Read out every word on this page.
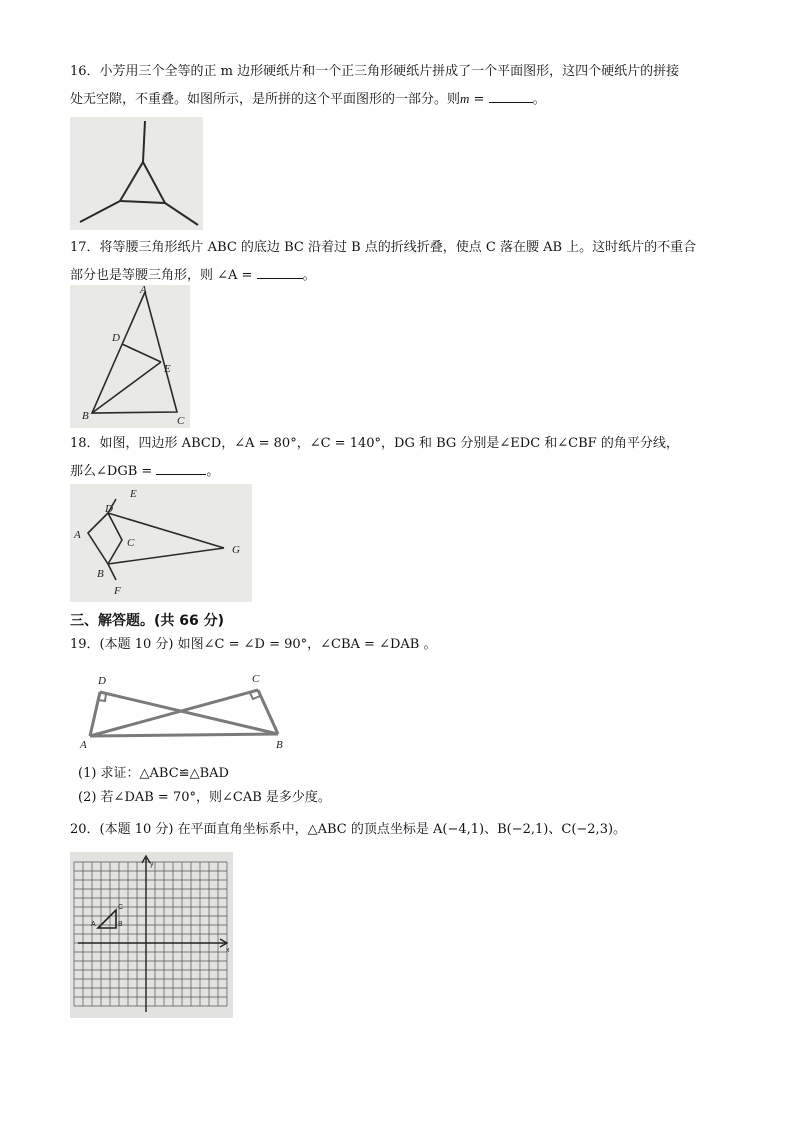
16．小芳用三个全等的正 m 边形硬纸片和一个正三角形硬纸片拼成了一个平面图形，这四个硬纸片的拼接
处无空隙，不重叠。如图所示，是所拼的这个平面图形的一部分。则m =	。
17．将等腰三角形纸片 ABC 的底边 BC 沿着过 B 点的折线折叠，使点 C 落在腰 AB 上。这时纸片的不重合
部分也是等腰三角形，则 ∠A =	。
A
D
E
B	C
18．如图，四边形 ABCD，∠A = 80°，∠C = 140°，DG 和 BG 分别是∠EDC 和∠CBF 的角平分线，
那么∠DGB =	。
E
D
A
C
G
B
F
三、解答题。(共 66 分)
19．(本题 10 分) 如图∠C = ∠D = 90°，∠CBA = ∠DAB 。
D	C
A	B
(1) 求证：△ABC≌△BAD
(2) 若∠DAB = 70°，则∠CAB 是多少度。
20．(本题 10 分) 在平面直角坐标系中，△ABC 的顶点坐标是 A(−4,1)、B(−2,1)、C(−2,3)。
y
x
A	B
C
